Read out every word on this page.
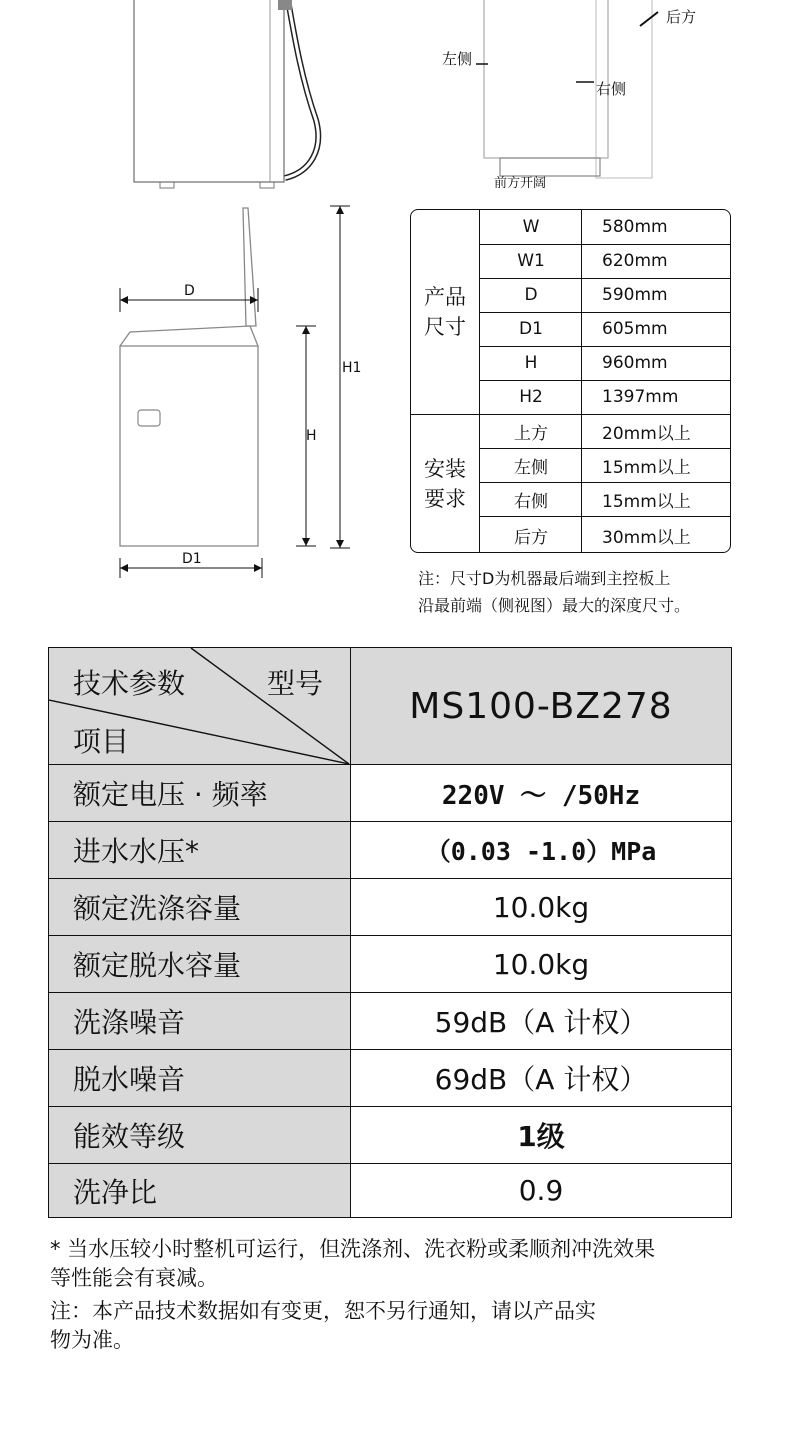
后方
左侧
右侧
前方开阔
D
D1
H
H1
产品
尺寸
安装
要求
W	580mm
W1	620mm
D	590mm
D1	605mm
H	960mm
H2	1397mm
上方	20mm以上
左侧	15mm以上
右侧	15mm以上
后方	30mm以上
注：尺寸D为机器最后端到主控板上
沿最前端（侧视图）最大的深度尺寸。
技术参数	型号
项目
MS100-BZ278
额定电压 · 频率	220V ～ /50Hz
进水水压*	（0.03 -1.0）MPa
额定洗涤容量	10.0kg
额定脱水容量	10.0kg
洗涤噪音	59dB（A 计权）
脱水噪音	69dB（A 计权）
能效等级	1级
洗净比	0.9
* 当水压较小时整机可运行，但洗涤剂、洗衣粉或柔顺剂冲洗效果
等性能会有衰减。
注：本产品技术数据如有变更，恕不另行通知，请以产品实
物为准。
